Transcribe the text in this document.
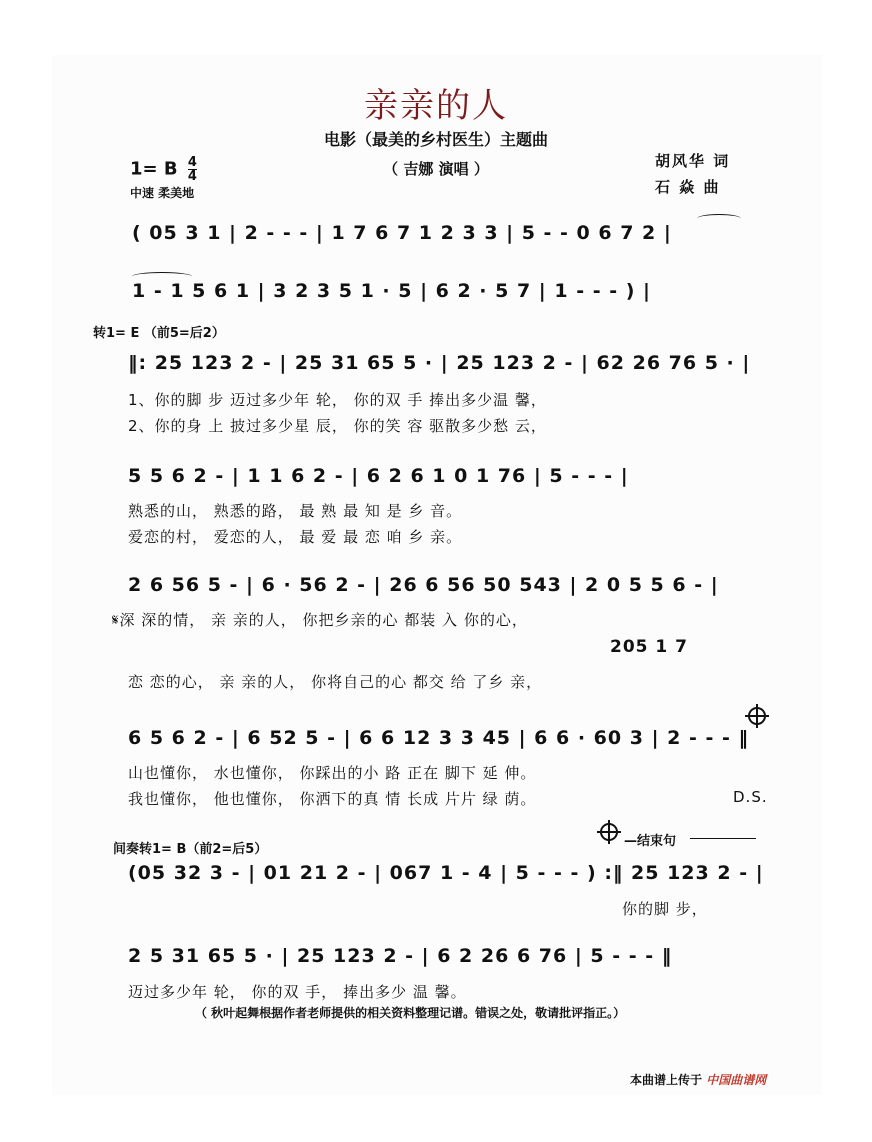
亲亲的人
电影（最美的乡村医生）主题曲
（ 吉娜 演唱 ）
1= B $\frac{4}{4}$
中速 柔美地
胡风华 词
石 焱 曲
( 05 3 1 | 2 - - - | 1 7 6 7 1 2 3 3 | 5 - - 0 6 7 2 |
1 - 1 5 6 1 | 3 2 3 5 1 · 5 | 6 2 · 5 7 | 1 - - - ) |
转1= E （前5=后2）
‖: 25 123 2 - | 25 31 65 5 · | 25 123 2 - | 62 26 76 5 · |
1、你的脚 步 迈过多少年 轮， 你的双 手 捧出多少温 馨，
2、你的身 上 披过多少星 辰， 你的笑 容 驱散多少愁 云，
5 5 6 2 - | 1 1 6 2 - | 6 2 6 1 0 1 76 | 5 - - - |
熟悉的山， 熟悉的路， 最 熟 最 知 是 乡 音。
爱恋的村， 爱恋的人， 最 爱 最 恋 咱 乡 亲。
2 6 56 5 - | 6 · 56 2 - | 26 6 56 50 543 | 2 0 5 5 6 - |
𝄋深 深的情， 亲 亲的人， 你把乡亲的心 都装 入 你的心，
205 1 7
恋 恋的心， 亲 亲的人， 你将自己的心 都交 给 了乡 亲，
6 5 6 2 - | 6 52 5 - | 6 6 12 3 3 45 | 6 6 · 60 3 | 2 - - - ‖
山也懂你， 水也懂你， 你踩出的小 路 正在 脚下 延 伸。
我也懂你， 他也懂你， 你洒下的真 情 长成 片片 绿 荫。	D.S.
间奏转1= B（前2=后5）
—结束句
(05 32 3 - | 01 21 2 - | 067 1 - 4 | 5 - - - ) :‖ 25 123 2 - |
你的脚 步，
2 5 31 65 5 · | 25 123 2 - | 6 2 26 6 76 | 5 - - - ‖
迈过多少年 轮， 你的双 手， 捧出多少 温 馨。
（ 秋叶起舞根据作者老师提供的相关资料整理记谱。错误之处，敬请批评指正。）
本曲谱上传于 中国曲谱网
